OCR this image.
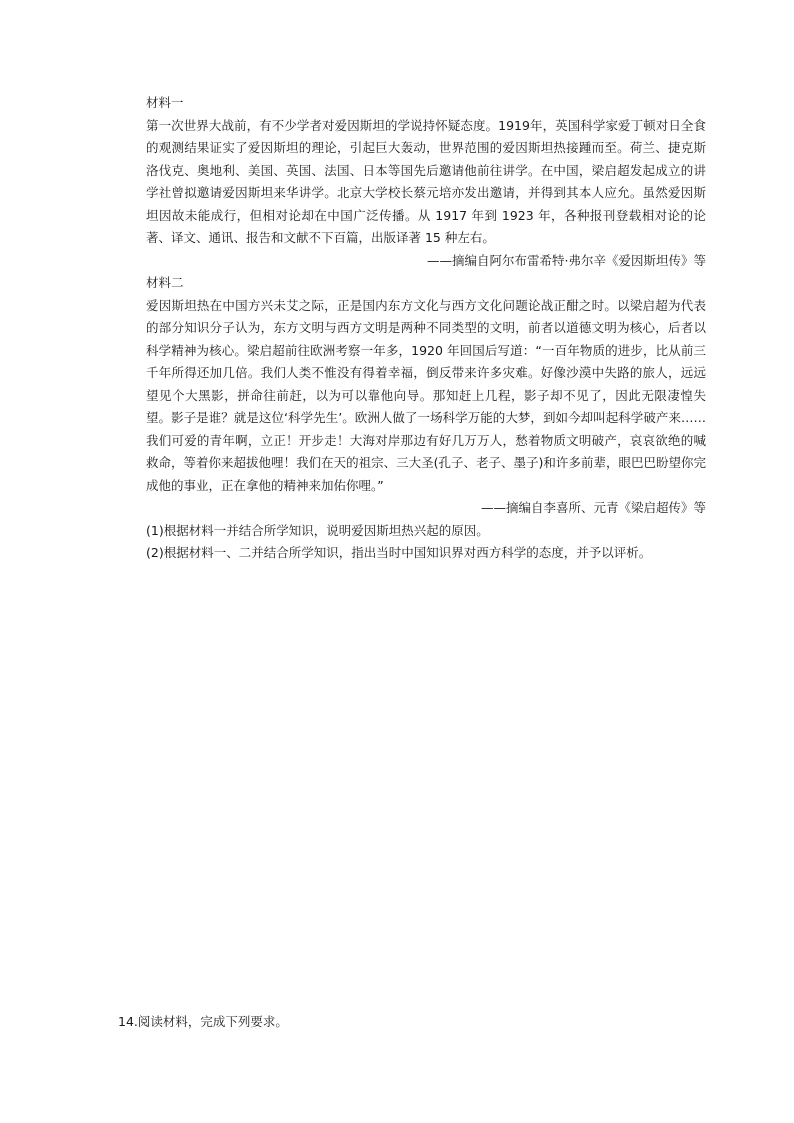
材料一

第一次世界大战前，有不少学者对爱因斯坦的学说持怀疑态度。1919年，英国科学家爱丁顿对日全食的观测结果证实了爱因斯坦的理论，引起巨大轰动，世界范围的爱因斯坦热接踵而至。荷兰、捷克斯洛伐克、奥地利、美国、英国、法国、日本等国先后邀请他前往讲学。在中国，梁启超发起成立的讲学社曾拟邀请爱因斯坦来华讲学。北京大学校长蔡元培亦发出邀请，并得到其本人应允。虽然爱因斯坦因故未能成行，但相对论却在中国广泛传播。从 1917 年到 1923 年，各种报刊登载相对论的论著、译文、通讯、报告和文献不下百篇，出版译著 15 种左右。

——摘编自阿尔布雷希特·弗尔辛《爱因斯坦传》等

材料二

爱因斯坦热在中国方兴未艾之际，正是国内东方文化与西方文化问题论战正酣之时。以梁启超为代表的部分知识分子认为，东方文明与西方文明是两种不同类型的文明，前者以道德文明为核心，后者以科学精神为核心。梁启超前往欧洲考察一年多，1920 年回国后写道：“一百年物质的进步，比从前三千年所得还加几倍。我们人类不惟没有得着幸福，倒反带来许多灾难。好像沙漠中失路的旅人，远远望见个大黑影，拼命往前赶，以为可以靠他向导。那知赶上几程，影子却不见了，因此无限凄惶失望。影子是谁？就是这位‘科学先生’。欧洲人做了一场科学万能的大梦，到如今却叫起科学破产来……我们可爱的青年啊，立正！开步走！大海对岸那边有好几万万人，愁着物质文明破产，哀哀欲绝的喊救命，等着你来超拔他哩！我们在天的祖宗、三大圣(孔子、老子、墨子)和许多前辈，眼巴巴盼望你完成他的事业，正在拿他的精神来加佑你哩。”

——摘编自李喜所、元青《梁启超传》等

(1)根据材料一并结合所学知识，说明爱因斯坦热兴起的原因。

(2)根据材料一、二并结合所学知识，指出当时中国知识界对西方科学的态度，并予以评析。

14.阅读材料，完成下列要求。
